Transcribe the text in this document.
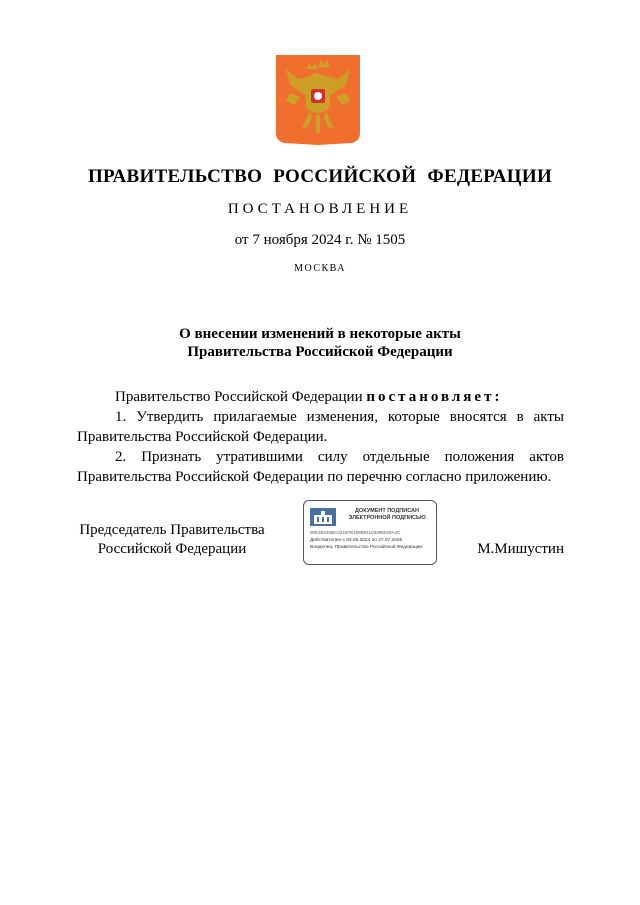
ПРАВИТЕЛЬСТВО РОССИЙСКОЙ ФЕДЕРАЦИИ
ПОСТАНОВЛЕНИЕ
от 7 ноября 2024 г. № 1505
МОСКВА
О внесении изменений в некоторые акты
Правительства Российской Федерации

Правительство Российской Федерации постановляет:

1. Утвердить прилагаемые изменения, которые вносятся в акты Правительства Российской Федерации.

2. Признать утратившими силу отдельные положения актов Правительства Российской Федерации по перечню согласно приложению.

Председатель Правительства
Российской Федерации
ДОКУМЕНТ ПОДПИСАН
ЭЛЕКТРОННОЙ ПОДПИСЬЮ
00E36320BC02197E408892103396029A4C
Действителен с 03.05.2024 по 27.07.2025
Владелец: Правительство Российской Федерации	М.Мишустин
